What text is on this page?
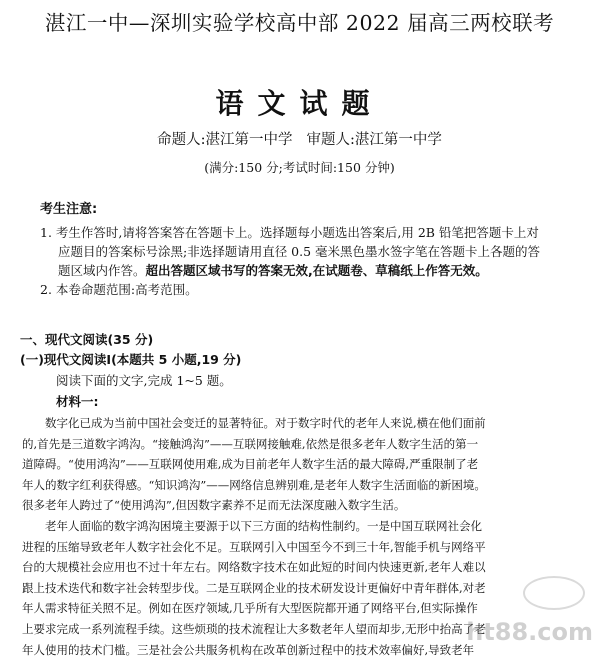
湛江一中—深圳实验学校高中部 2022 届高三两校联考
语文试题
命题人:湛江第一中学 审题人:湛江第一中学
(满分:150 分;考试时间:150 分钟)
考生注意:
1. 考生作答时,请将答案答在答题卡上。选择题每小题选出答案后,用 2B 铅笔把答题卡上对
应题目的答案标号涂黑;非选择题请用直径 0.5 毫米黑色墨水签字笔在答题卡上各题的答
题区域内作答。超出答题区域书写的答案无效,在试题卷、草稿纸上作答无效。
2. 本卷命题范围:高考范围。
一、现代文阅读(35 分)
(一)现代文阅读Ⅰ(本题共 5 小题,19 分)
阅读下面的文字,完成 1~5 题。
材料一:
　　数字化已成为当前中国社会变迁的显著特征。对于数字时代的老年人来说,横在他们面前
的,首先是三道数字鸿沟。“接触鸿沟”——互联网接触难,依然是很多老年人数字生活的第一
道障碍。“使用鸿沟”——互联网使用难,成为目前老年人数字生活的最大障碍,严重限制了老
年人的数字红利获得感。“知识鸿沟”——网络信息辨别难,是老年人数字生活面临的新困境。
很多老年人跨过了“使用鸿沟”,但因数字素养不足而无法深度融入数字生活。
　　老年人面临的数字鸿沟困境主要源于以下三方面的结构性制约。一是中国互联网社会化
进程的压缩导致老年人数字社会化不足。互联网引入中国至今不到三十年,智能手机与网络平
台的大规模社会应用也不过十年左右。网络数字技术在如此短的时间内快速更新,老年人难以
跟上技术迭代和数字社会转型步伐。二是互联网企业的技术研发设计更偏好中青年群体,对老
年人需求特征关照不足。例如在医疗领域,几乎所有大型医院都开通了网络平台,但实际操作
上要求完成一系列流程手续。这些烦琐的技术流程让大多数老年人望而却步,无形中抬高了老
年人使用的技术门槛。三是社会公共服务机构在改革创新过程中的技术效率偏好,导致老年
ht88.com
